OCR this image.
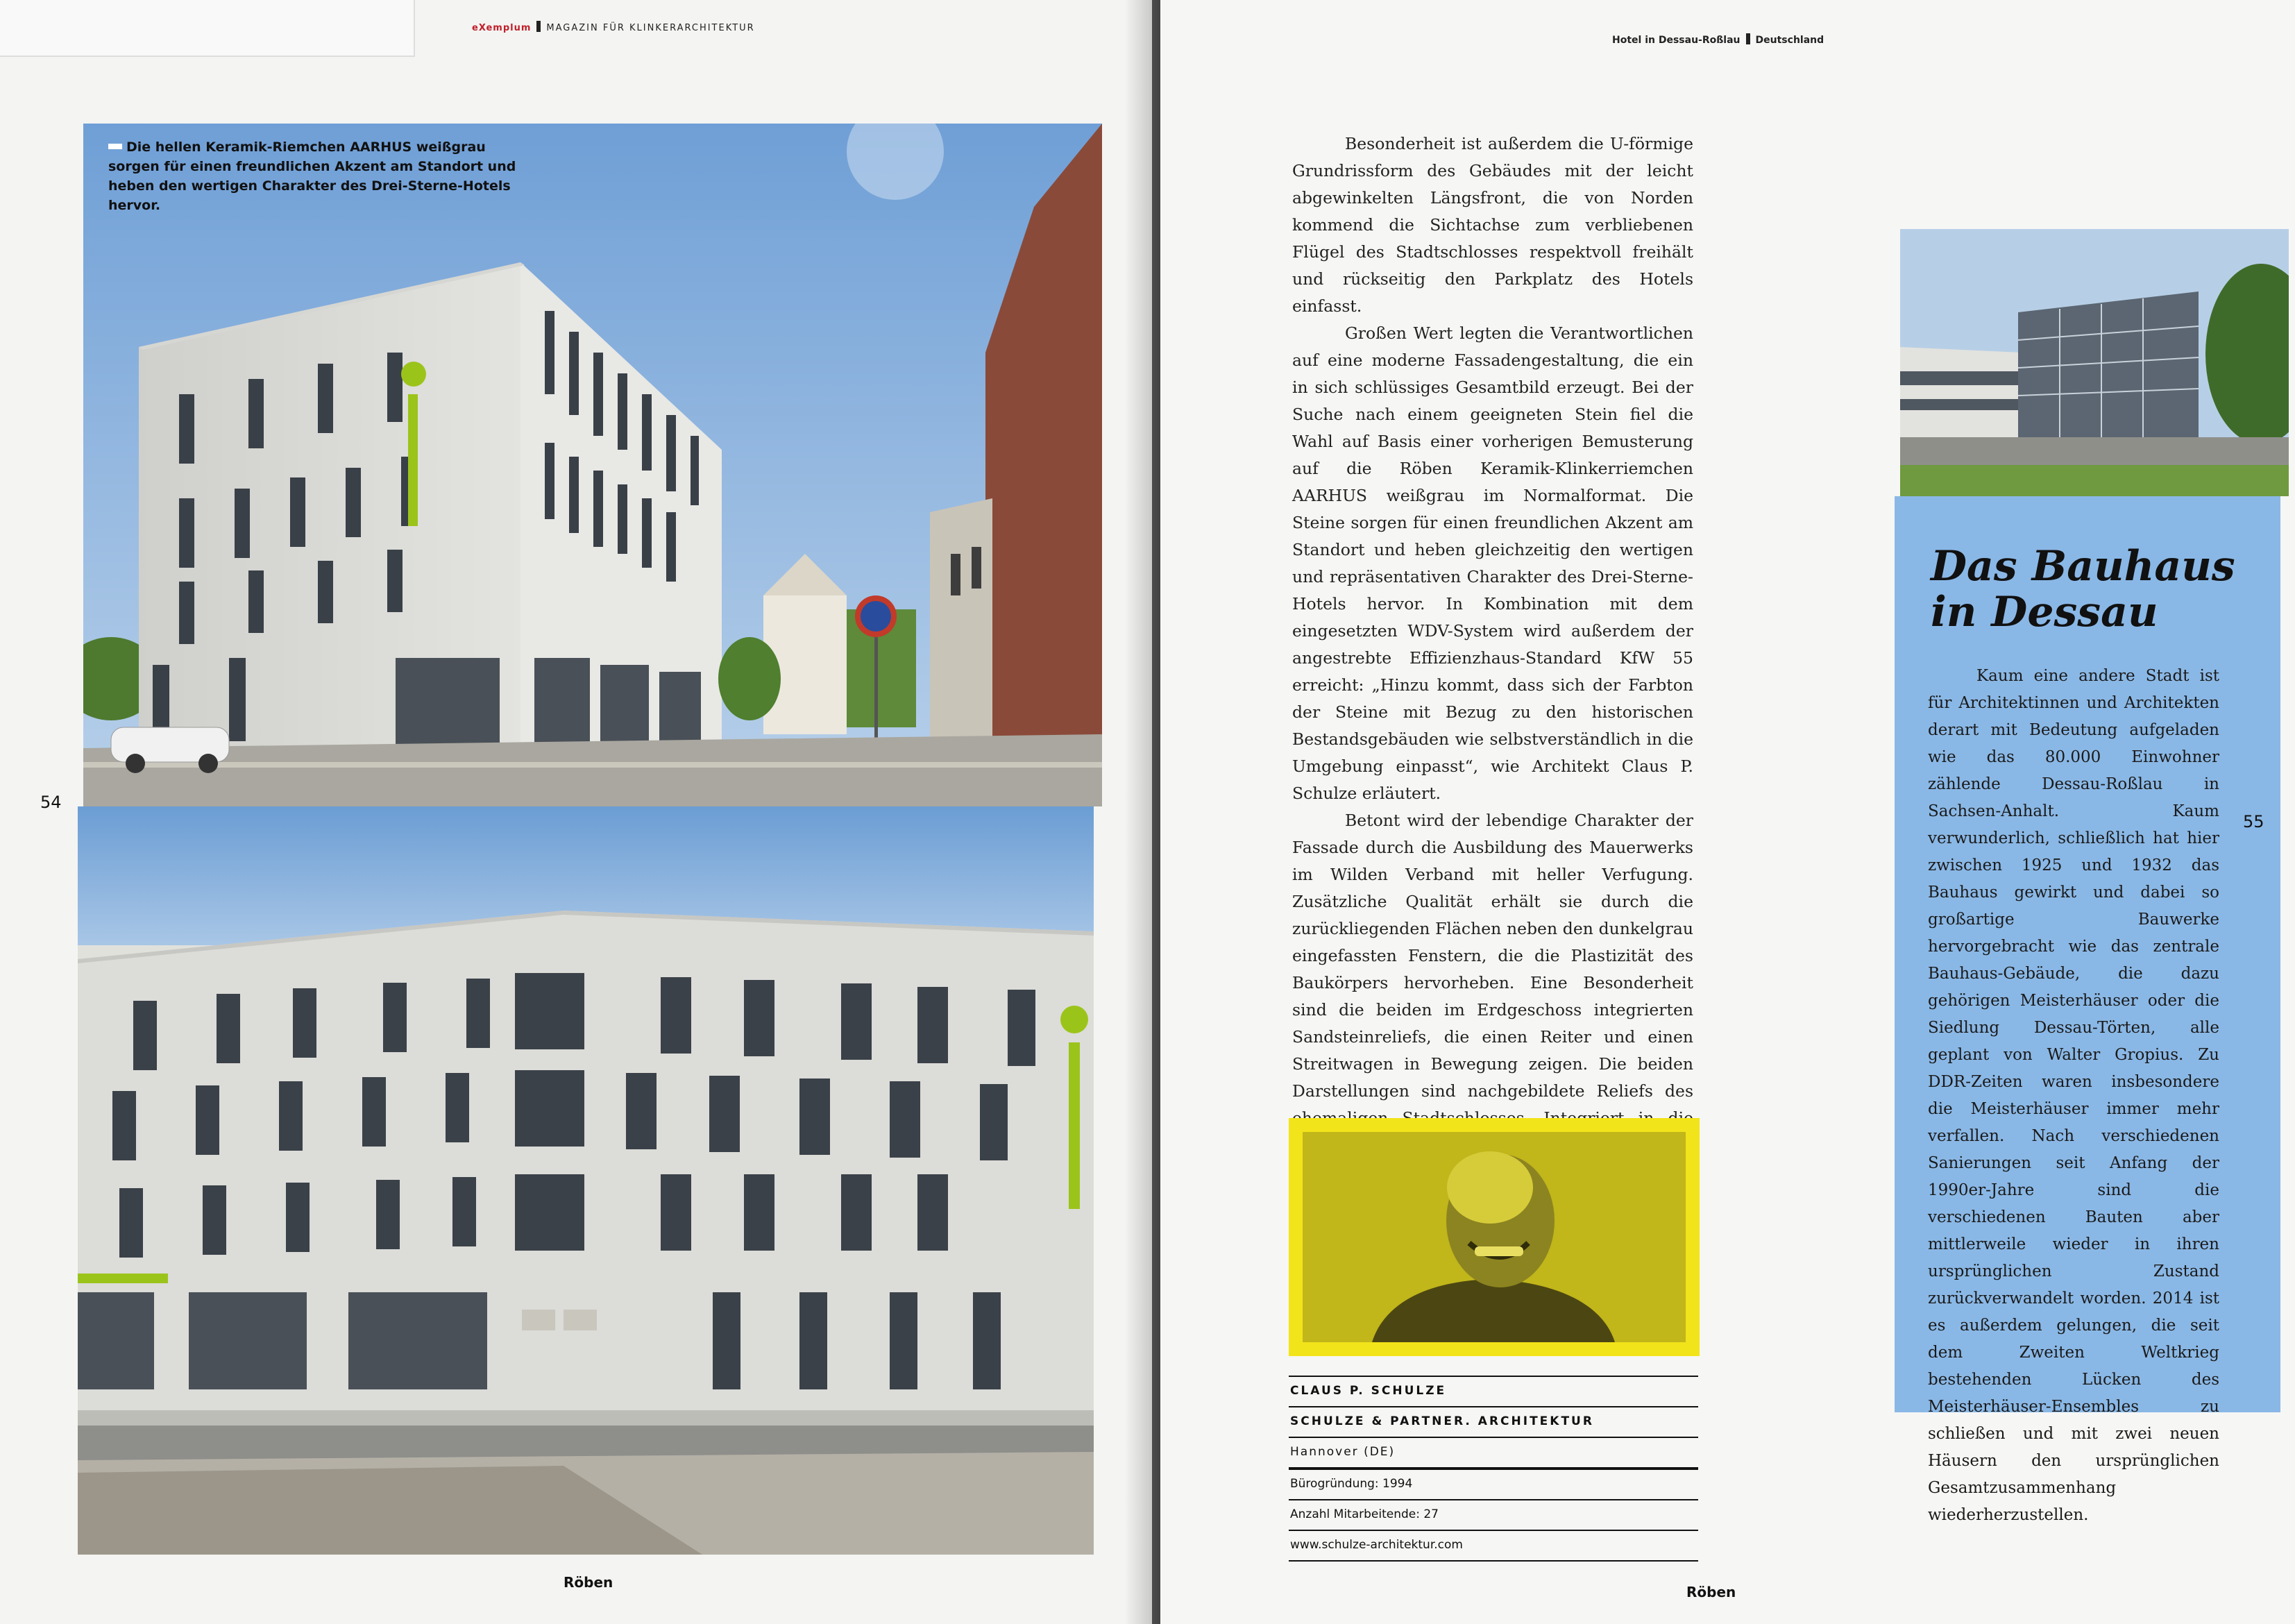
eXemplum MAGAZIN FÜR KLINKERARCHITEKTUR
54
Die hellen Keramik-Riemchen AARHUS weißgrau sorgen für einen freundlichen Akzent am Standort und heben den wertigen Charakter des Drei-Sterne-Hotels hervor.
Röben
Hotel in Dessau-Roßlau Deutschland

Besonderheit ist außerdem die U-förmige Grundrissform des Gebäudes mit der leicht abgewinkelten Längsfront, die von Norden kommend die Sichtachse zum verbliebenen Flügel des Stadtschlosses respektvoll freihält und rückseitig den Parkplatz des Hotels einfasst.

Großen Wert legten die Verantwortlichen auf eine moderne Fassadengestaltung, die ein in sich schlüssiges Gesamtbild erzeugt. Bei der Suche nach einem geeigneten Stein fiel die Wahl auf Basis einer vorherigen Bemusterung auf die Röben Keramik-Klinkerriemchen AARHUS weißgrau im Normalformat. Die Steine sorgen für einen freundlichen Akzent am Standort und heben gleichzeitig den wertigen und repräsentativen Charakter des Drei-Sterne-Hotels hervor. In Kombination mit dem eingesetzten WDV-System wird außerdem der angestrebte Effizienzhaus-Standard KfW 55 erreicht: „Hinzu kommt, dass sich der Farbton der Steine mit Bezug zu den historischen Bestandsgebäuden wie selbstverständlich in die Umgebung einpasst“, wie Architekt Claus P. Schulze erläutert.

Betont wird der lebendige Charakter der Fassade durch die Ausbildung des Mauerwerks im Wilden Verband mit heller Verfugung. Zusätzliche Qualität erhält sie durch die zurückliegenden Flächen neben den dunkelgrau eingefassten Fenstern, die die Plastizität des Baukörpers hervorheben. Eine Besonderheit sind die beiden im Erdgeschoss integrierten Sandsteinreliefs, die einen Reiter und einen Streitwagen in Bewegung zeigen. Die beiden Darstellungen sind nachgebildete Reliefs des

CLAUS P. SCHULZE
SCHULZE & PARTNER. ARCHITEKTUR
Hannover (DE)
Bürogründung: 1994
Anzahl Mitarbeitende: 27
www.schulze-architektur.com
Das Bauhaus
in Dessau

Kaum eine andere Stadt ist für Architektinnen und Architekten derart mit Bedeutung aufgeladen wie das 80.000 Einwohner zählende Dessau-Roßlau in Sachsen-Anhalt. Kaum verwunderlich, schließlich hat hier zwischen 1925 und 1932 das Bauhaus gewirkt und dabei so großartige Bauwerke hervorgebracht wie das zentrale Bauhaus-Gebäude, die dazu gehörigen Meisterhäuser oder die Siedlung Dessau-Törten, alle geplant von Walter Gropius. Zu DDR-Zeiten waren insbesondere die Meisterhäuser immer mehr verfallen. Nach verschiedenen Sanierungen seit Anfang der 1990er-Jahre sind die verschiedenen Bauten aber mittlerweile wieder in ihren ursprünglichen Zustand zurückverwandelt worden. 2014 ist es außerdem gelungen, die seit dem Zweiten Weltkrieg bestehenden Lücken des Meisterhäuser-Ensembles zu schließen und mit zwei neuen Häusern den ursprünglichen Gesamtzusammenhang wiederherzustellen.

55
Röben
